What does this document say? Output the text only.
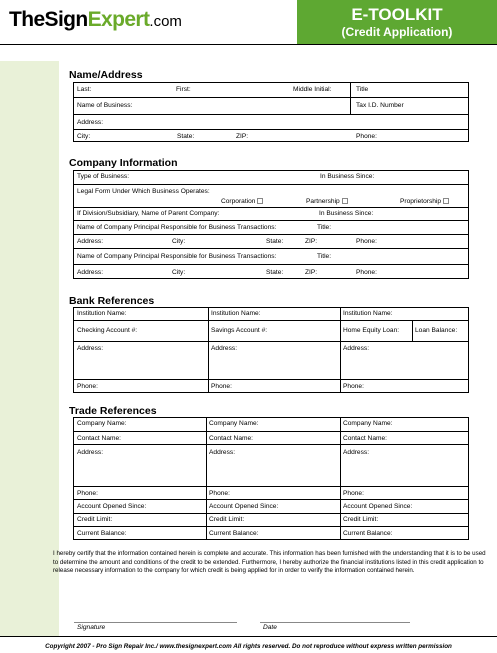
TheSignExpert.com	E-TOOLKIT
(Credit Application)
Name/Address
Last:	First:	Middle Initial:	Title
Name of Business:	Tax I.D. Number
Address:
City:	State:	ZIP:	Phone:
Company Information
Type of Business:	In Business Since:
Legal Form Under Which Business Operates:
Corporation	Partnership	Proprietorship
If Division/Subsidiary, Name of Parent Company:	In Business Since:
Name of Company Principal Responsible for Business Transactions:	Title:
Address:	City:	State:	ZIP:	Phone:
Name of Company Principal Responsible for Business Transactions:	Title:
Address:	City:	State:	ZIP:	Phone:
Bank References
Institution Name:	Institution Name:	Institution Name:
Checking Account #:	Savings Account #:	Home Equity Loan: Loan Balance:
Address:	Address:	Address:
Phone:	Phone:	Phone:
Trade References
Company Name:	Company Name:	Company Name:
Contact Name:	Contact Name:	Contact Name:
Address:	Address:	Address:
Phone:	Phone:	Phone:
Account Opened Since:	Account Opened Since:	Account Opened Since:
Credit Limit:	Credit Limit:	Credit Limit:
Current Balance:	Current Balance:	Current Balance:
I hereby certify that the information contained herein is complete and accurate. This information has been furnished with the understanding that it is to be used to determine the amount and conditions of the credit to be extended. Furthermore, I hereby authorize the financial institutions listed in this credit application to release necessary information to the company for which credit is being applied for in order to verify the information contained herein.
Signature	Date
Copyright 2007 - Pro Sign Repair Inc./ www.thesignexpert.com All rights reserved. Do not reproduce without express written permission
